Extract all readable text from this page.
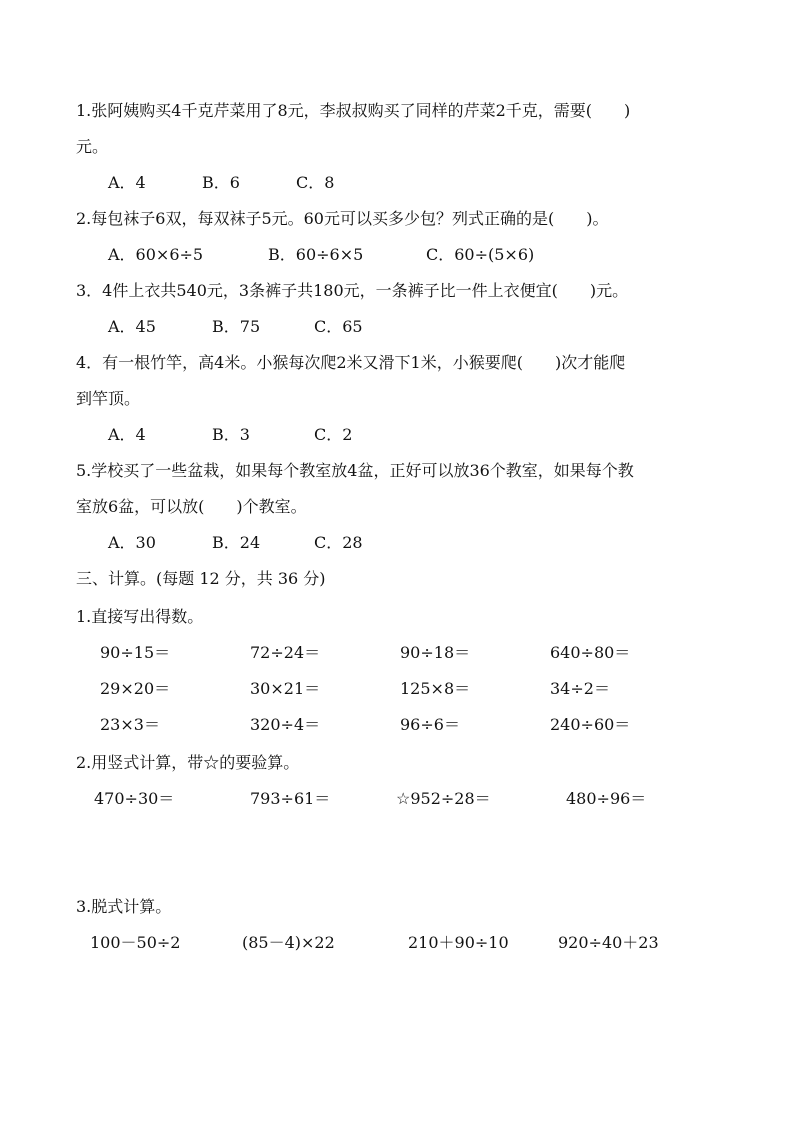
1.张阿姨购买4千克芹菜用了8元，李叔叔购买了同样的芹菜2千克，需要(　　)
元。
A．4	B．6	C．8
2.每包袜子6双，每双袜子5元。60元可以买多少包？列式正确的是(　　)。
A．60×6÷5	B．60÷6×5	C．60÷(5×6)
3．4件上衣共540元，3条裤子共180元，一条裤子比一件上衣便宜(　　)元。
A．45	B．75	C．65
4．有一根竹竿，高4米。小猴每次爬2米又滑下1米，小猴要爬(　　)次才能爬
到竿顶。
A．4	B．3	C．2
5.学校买了一些盆栽，如果每个教室放4盆，正好可以放36个教室，如果每个教
室放6盆，可以放(　　)个教室。
A．30	B．24	C．28
三、计算。(每题 12 分，共 36 分)
1.直接写出得数。
90÷15＝	72÷24＝	90÷18＝	640÷80＝
29×20＝	30×21＝	125×8＝	34÷2＝
23×3＝	320÷4＝	96÷6＝	240÷60＝
2.用竖式计算，带☆的要验算。
470÷30＝	793÷61＝	☆952÷28＝	480÷96＝
3.脱式计算。
100－50÷2	(85－4)×22	210＋90÷10	920÷40＋23
